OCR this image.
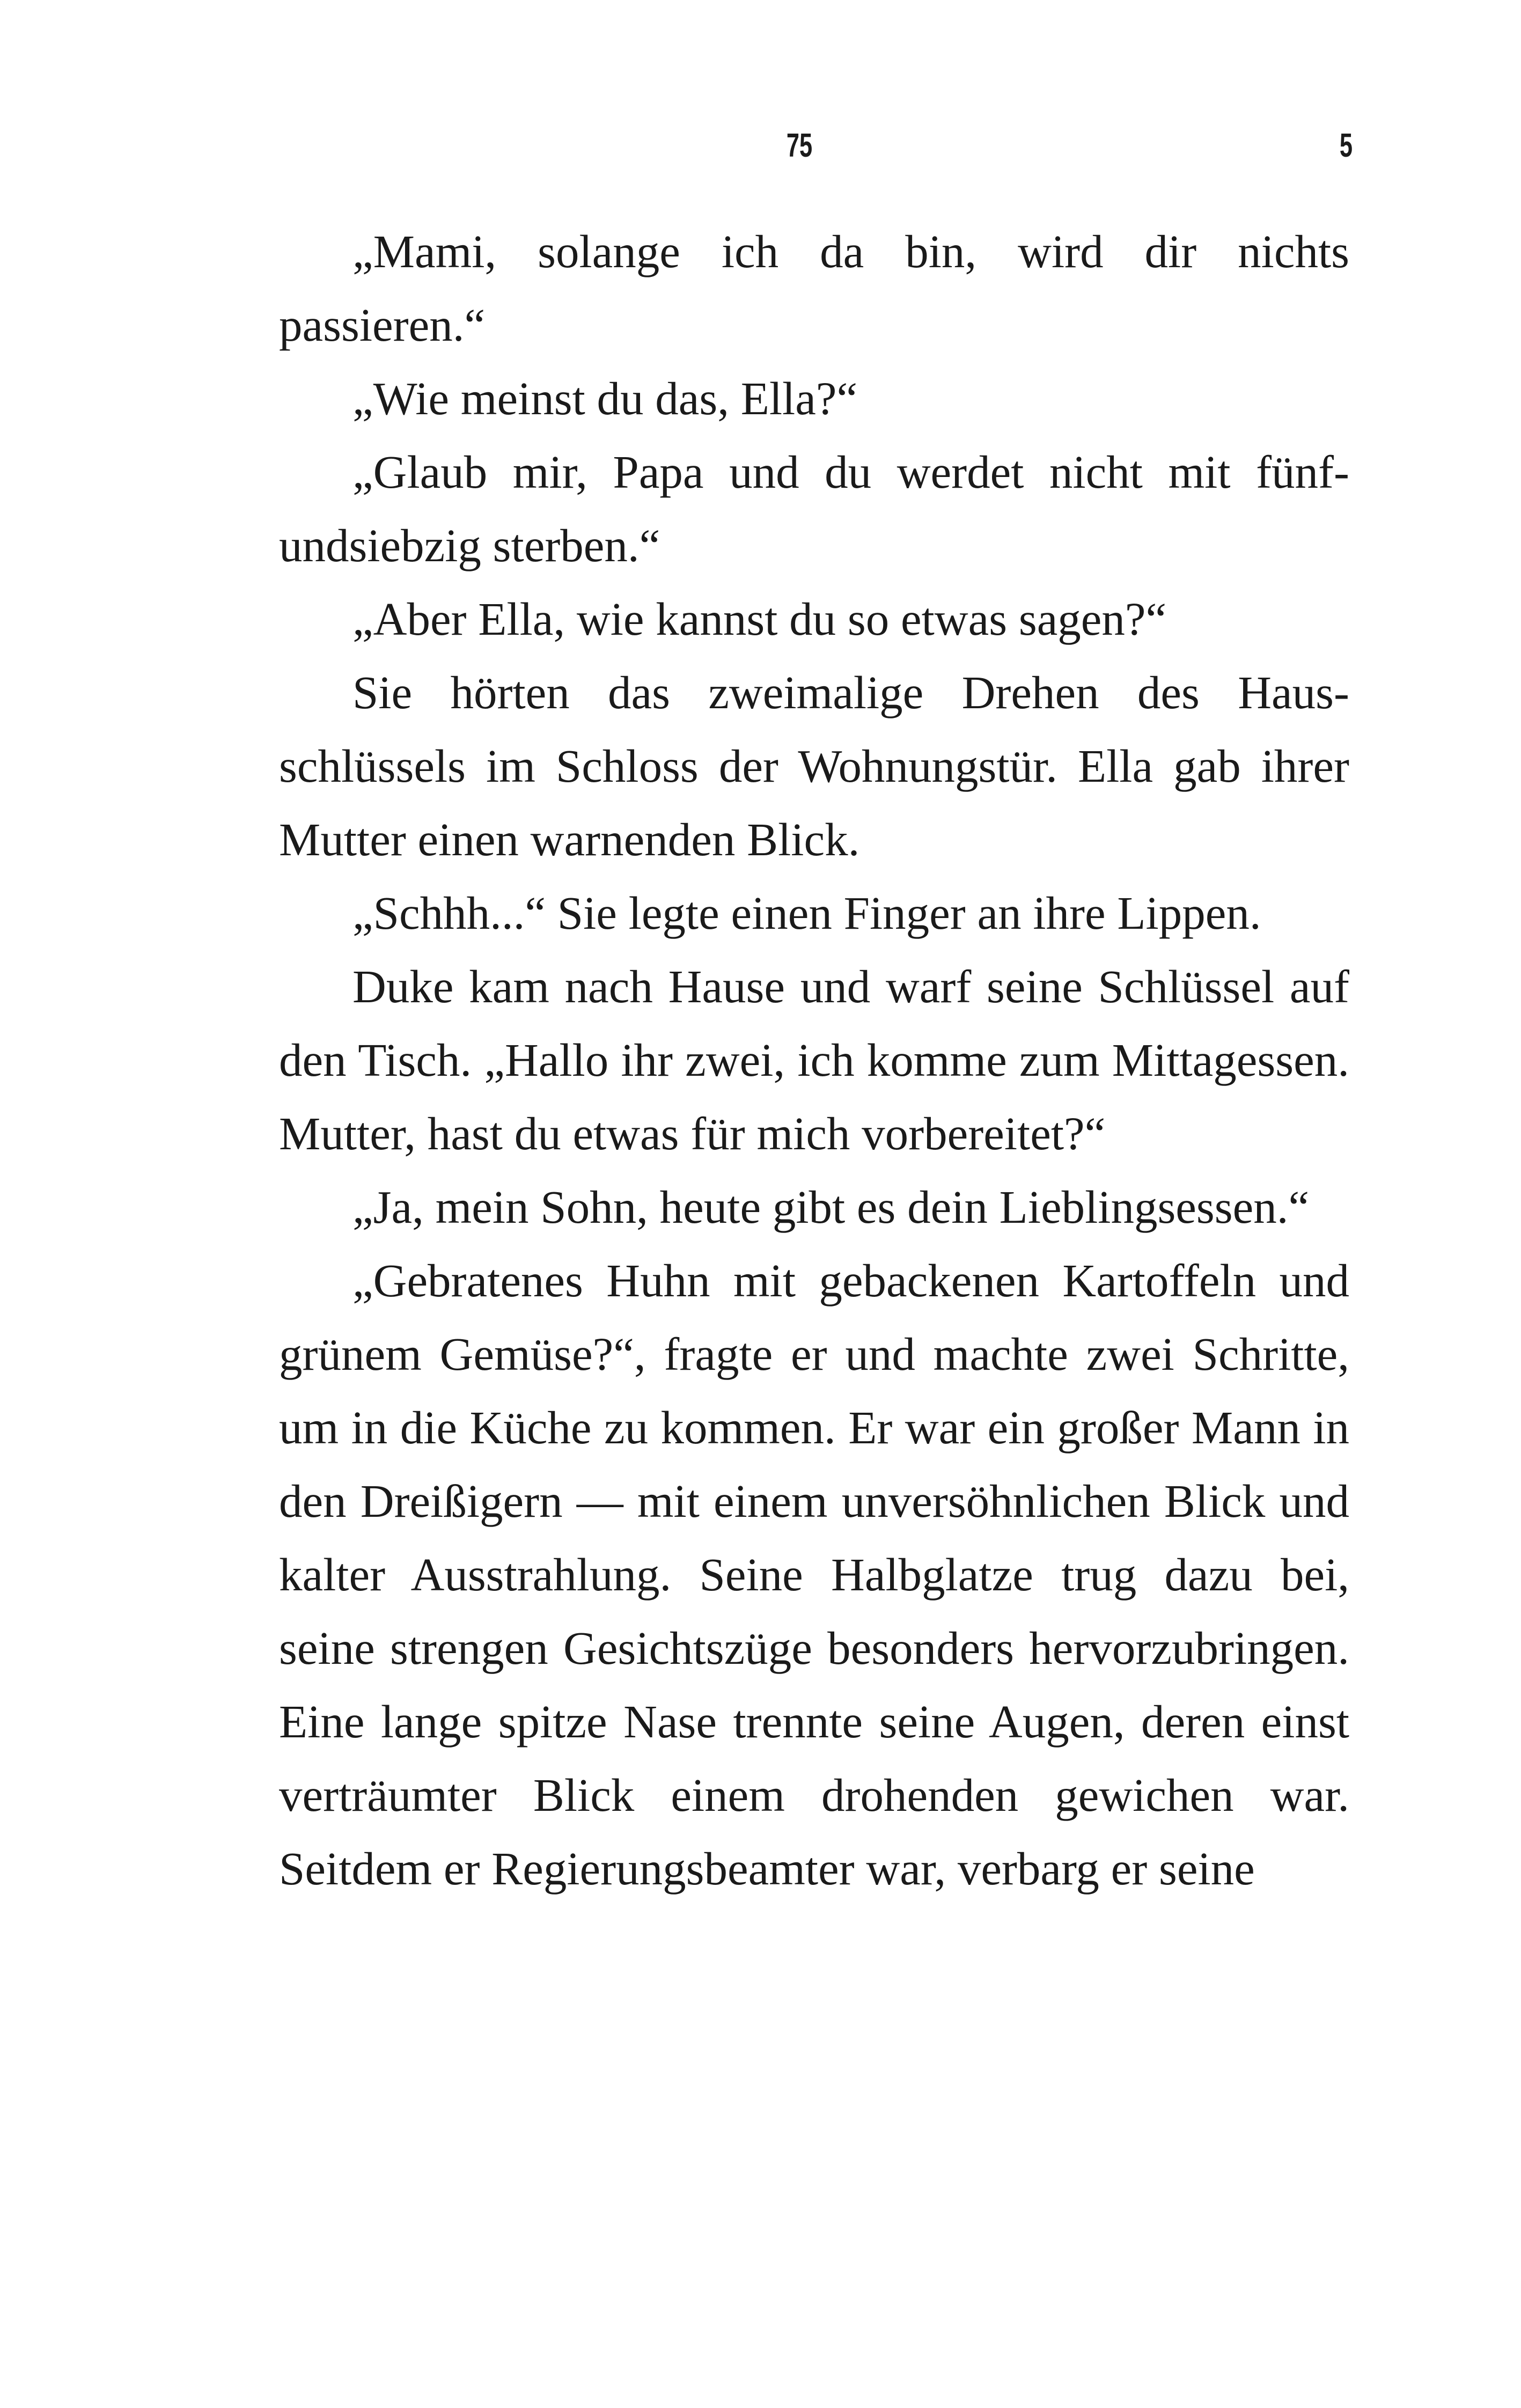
75	5

„Mami, solange ich da bin, wird dir nichts passieren.“

„Wie meinst du das, Ella?“

„Glaub mir, Papa und du werdet nicht mit fünfundsiebzig sterben.“

„Aber Ella, wie kannst du so etwas sagen?“

Sie hörten das zweimalige Drehen des Hausschlüssels im Schloss der Wohnungstür. Ella gab ihrer Mutter einen warnenden Blick.

„Schhh...“ Sie legte einen Finger an ihre Lippen.

Duke kam nach Hause und warf seine Schlüssel auf den Tisch. „Hallo ihr zwei, ich komme zum Mittagessen. Mutter, hast du etwas für mich vorbereitet?“

„Ja, mein Sohn, heute gibt es dein Lieblingsessen.“

„Gebratenes Huhn mit gebackenen Kartoffeln und grünem Gemüse?“, fragte er und machte zwei Schritte, um in die Küche zu kommen. Er war ein großer Mann in den Dreißigern — mit einem unversöhnlichen Blick und kalter Ausstrahlung. Seine Halbglatze trug dazu bei, seine strengen Gesichtszüge besonders hervorzubringen. Eine lange spitze Nase trennte seine Augen, deren einst verträumter Blick einem drohenden gewichen war. Seitdem er Regierungsbeamter war, verbarg er seine
